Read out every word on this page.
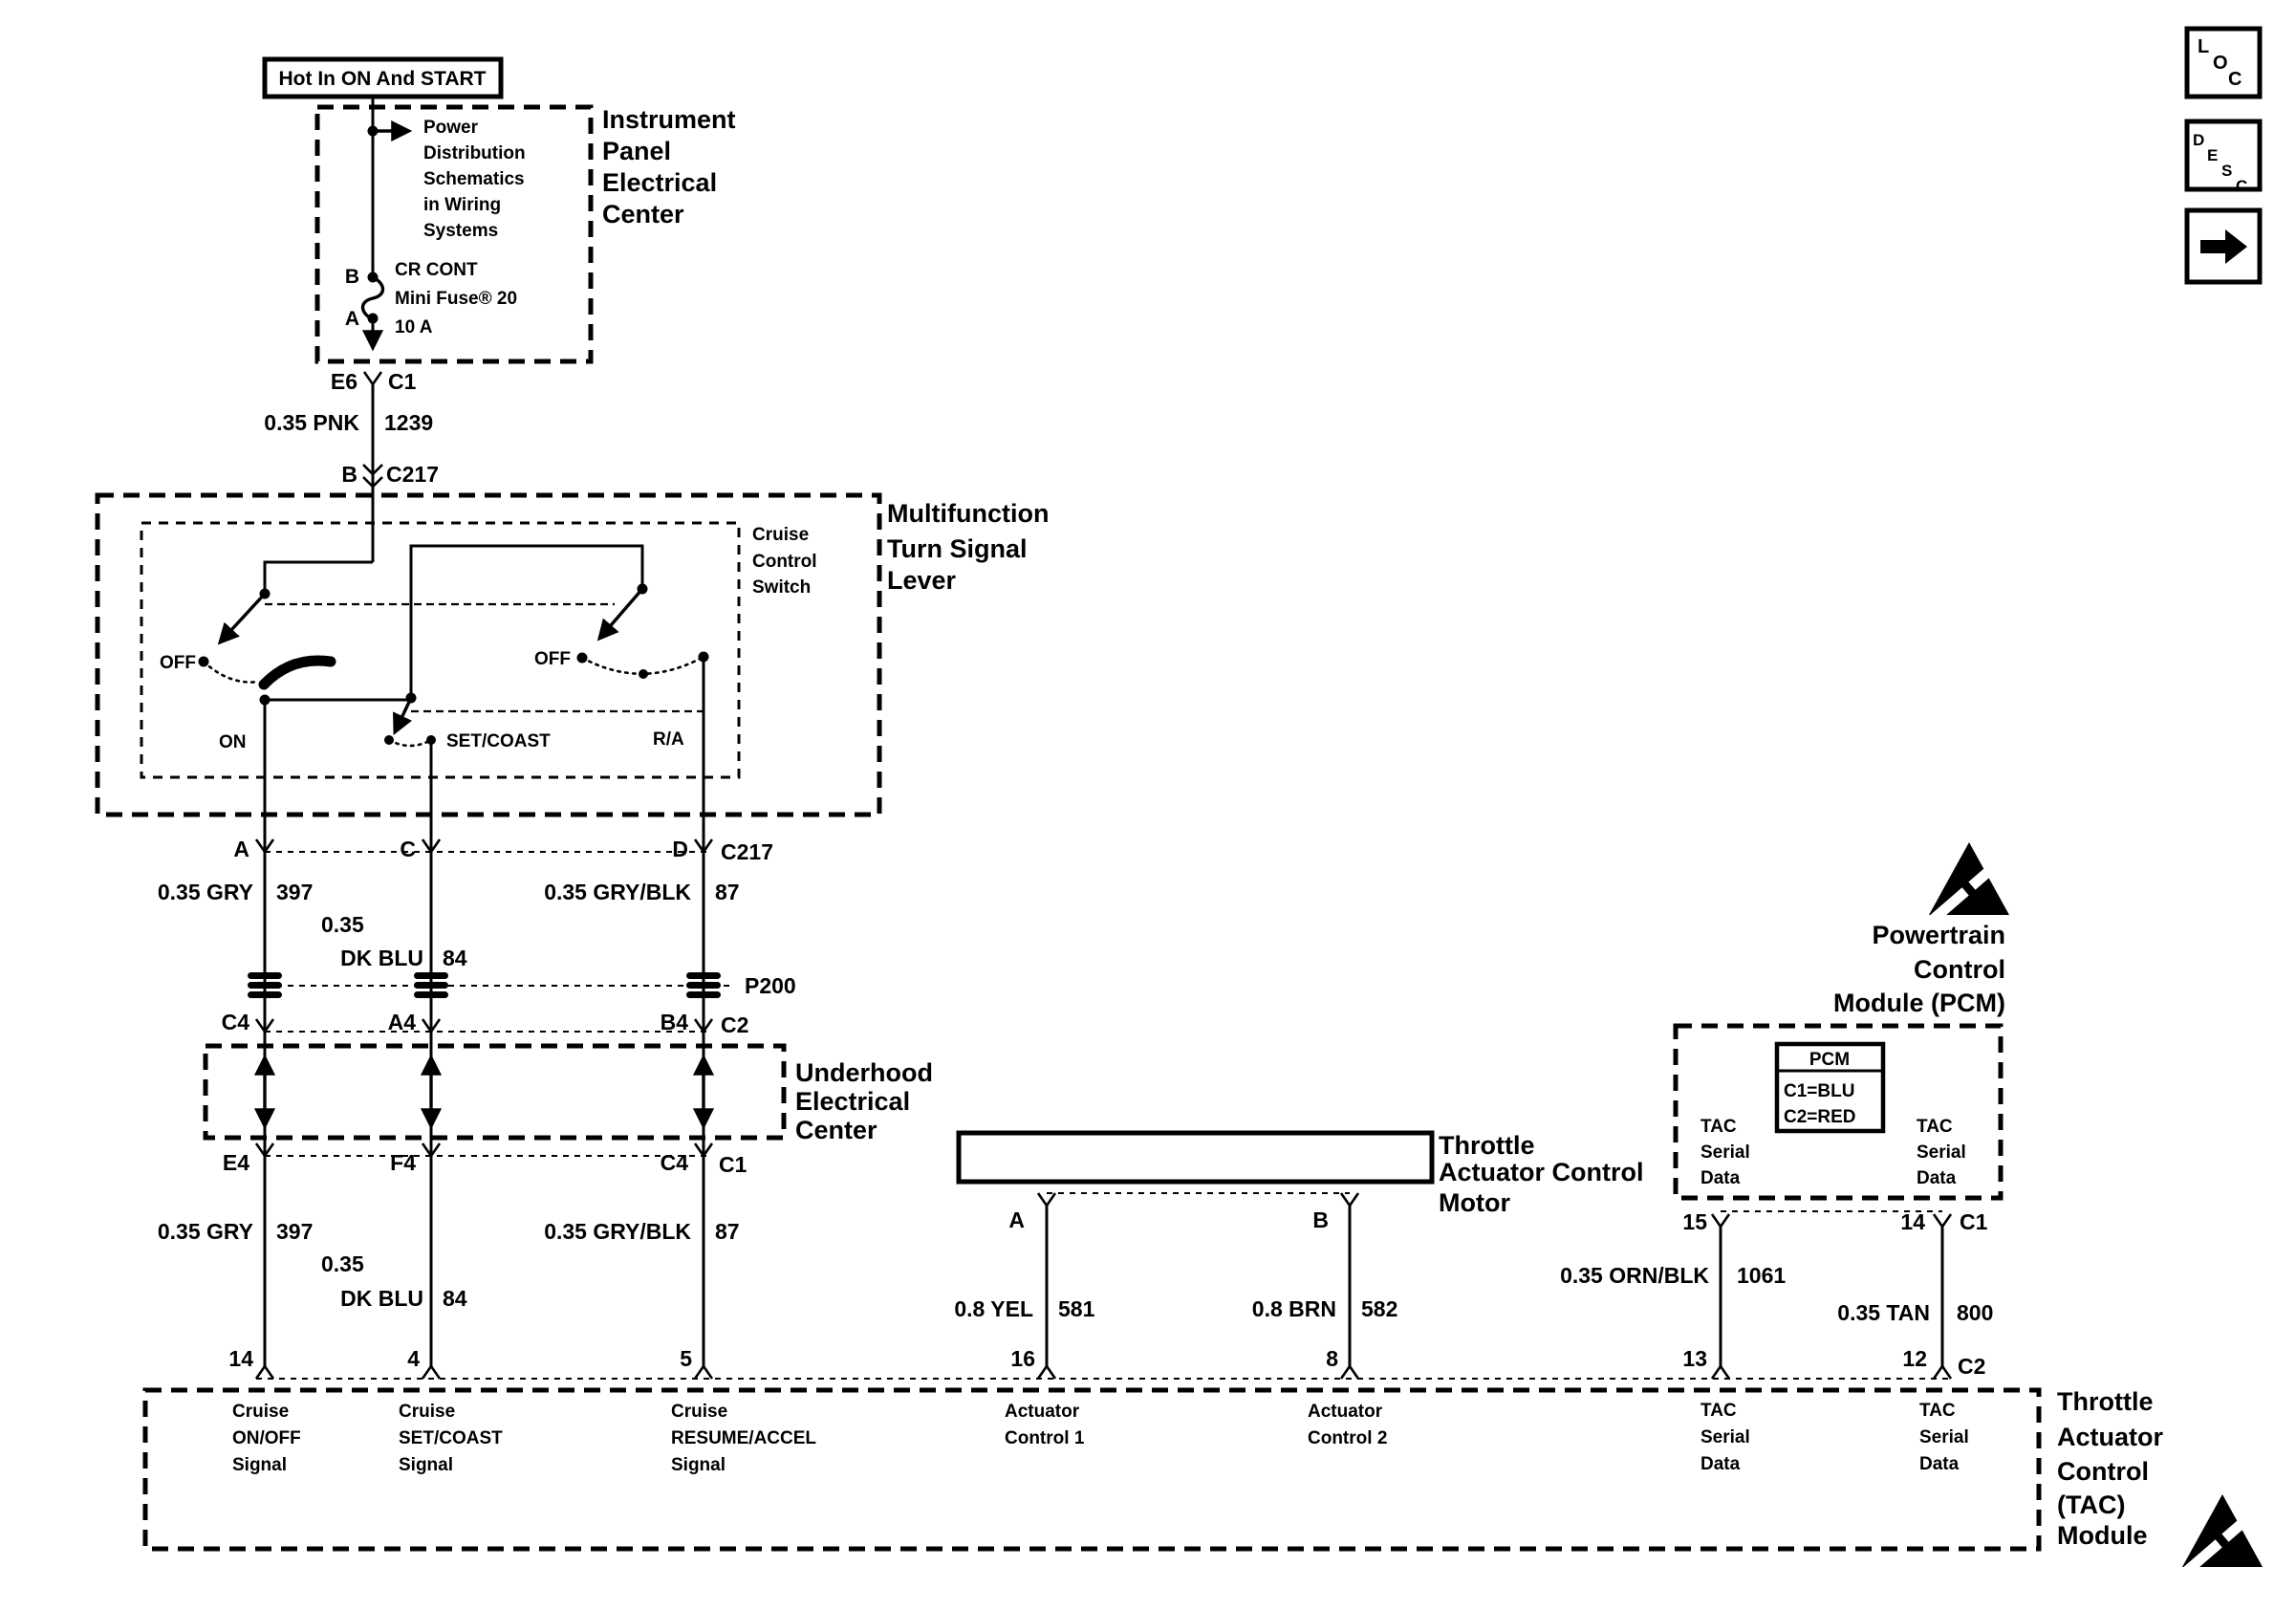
Hot In ON And START
Instrument
Panel
Electrical
Center
Power
Distribution
Schematics
in Wiring
Systems
B
A
CR CONT
Mini Fuse® 20
10 A
E6 C1
0.35 PNK 1239
B C217
Multifunction
Turn Signal
Lever
Cruise
Control
Switch
OFF
ON	SET/COAST
OFF
R/A
A	C	D C217
0.35 GRY 397
0.35
DK BLU 84
0.35 GRY/BLK 87
P200
C4	A4	B4 C2
Underhood
Electrical
Center
E4	F4	C4 C1
0.35 GRY 397
0.35
DK BLU 84
0.35 GRY/BLK 87
Throttle
Actuator Control
Motor
A	B
0.8 YEL 581	0.8 BRN 582
Powertrain
Control
Module (PCM)
PCM
C1=BLU
C2=RED
TAC
Serial
Data
TAC
Serial
Data
15	14 C1
0.35 ORN/BLK 1061
0.35 TAN 800
14	4	5	16	8	13	12 C2
Cruise
ON/OFF
Signal
Cruise
SET/COAST
Signal
Cruise
RESUME/ACCEL
Signal
Actuator
Control 1
Actuator
Control 2
TAC
Serial
Data
TAC
Serial
Data
Throttle
Actuator
Control
(TAC)
Module
LOC
DESC
